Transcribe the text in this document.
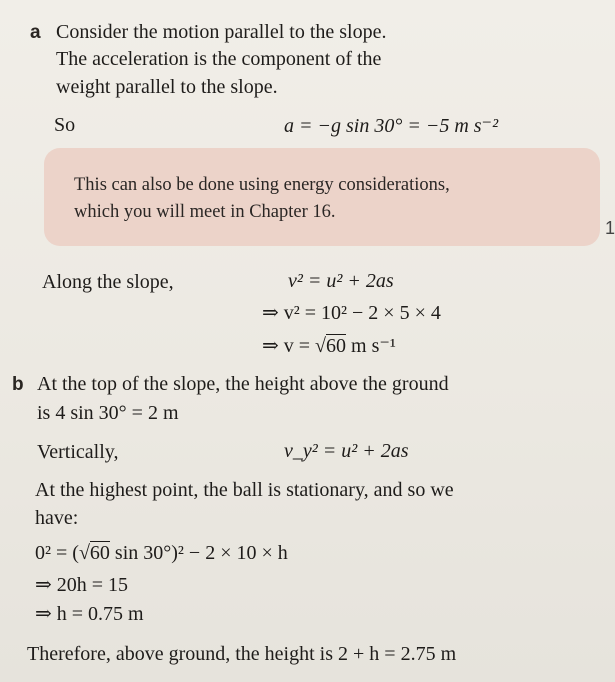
a Consider the motion parallel to the slope.
The acceleration is the component of the
weight parallel to the slope.
So	a = −g sin 30° = −5 m s⁻²
This can also be done using energy considerations,
which you will meet in Chapter 16.
1
Along the slope,	v² = u² + 2as
⇒ v² = 10² − 2 × 5 × 4
⇒ v = √60 m s⁻¹
b At the top of the slope, the height above the ground
is 4 sin 30° = 2 m
Vertically,	v_y² = u² + 2as
At the highest point, the ball is stationary, and so we
have:
0² = (√60 sin 30°)² − 2 × 10 × h
⇒ 20h = 15
⇒ h = 0.75 m
Therefore, above ground, the height is 2 + h = 2.75 m
